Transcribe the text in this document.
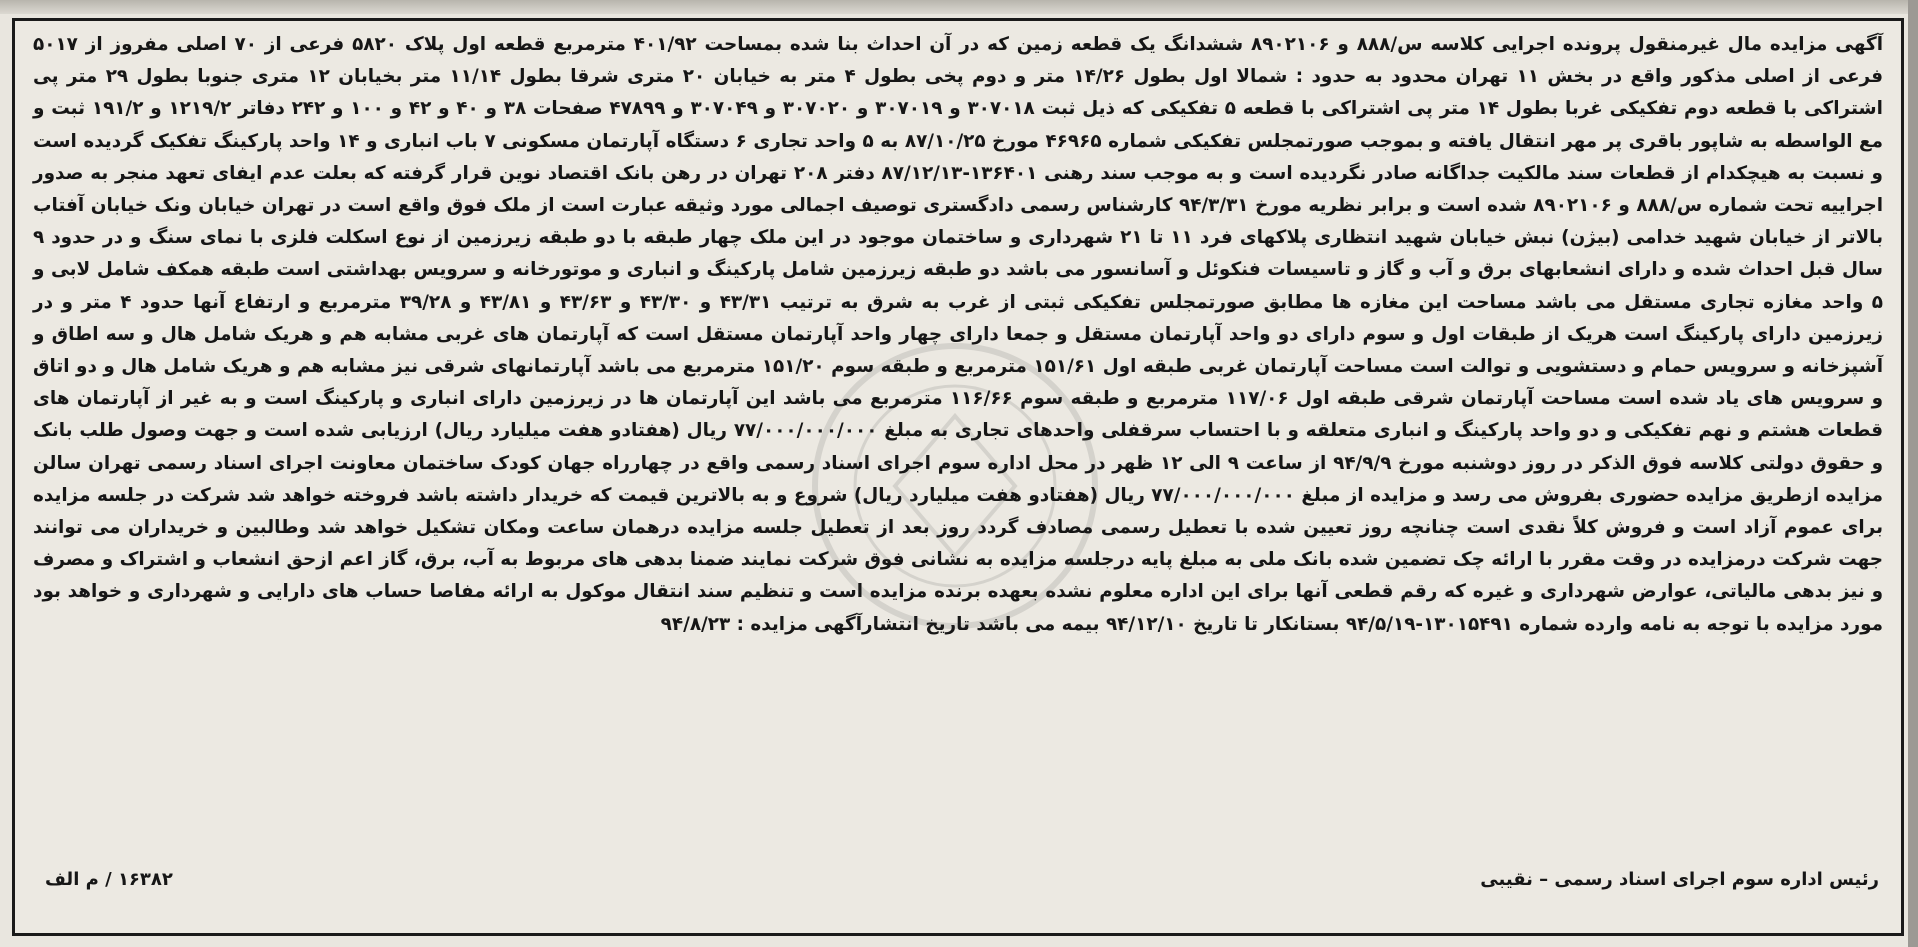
آگهی مزایده مال غیرمنقول پرونده اجرایی کلاسه س/۸۸۸ و ۸۹۰۲۱۰۶ ششدانگ یک قطعه زمین که در آن احداث بنا شده بمساحت ۴۰۱/۹۲ مترمربع قطعه اول پلاک ۵۸۲۰ فرعی از ۷۰ اصلی مفروز از ۵۰۱۷ فرعی از اصلی مذکور واقع در بخش ۱۱ تهران محدود به حدود : شمالا اول بطول ۱۴/۲۶ متر و دوم پخی بطول ۴ متر به خیابان ۲۰ متری شرقا بطول ۱۱/۱۴ متر بخیابان ۱۲ متری جنوبا بطول ۲۹ متر پی اشتراکی با قطعه دوم تفکیکی غربا بطول ۱۴ متر پی اشتراکی با قطعه ۵ تفکیکی که ذیل ثبت ۳۰۷۰۱۸ و ۳۰۷۰۱۹ و ۳۰۷۰۲۰ و ۳۰۷۰۴۹ و ۴۷۸۹۹ صفحات ۳۸ و ۴۰ و ۴۲ و ۱۰۰ و ۲۴۲ دفاتر ۱۲۱۹/۲ و ۱۹۱/۲ ثبت و مع الواسطه به شاپور باقری پر مهر انتقال یافته و بموجب صورتمجلس تفکیکی شماره ۴۶۹۶۵ مورخ ۸۷/۱۰/۲۵ به ۵ واحد تجاری ۶ دستگاه آپارتمان مسکونی ۷ باب انباری و ۱۴ واحد پارکینگ تفکیک گردیده است و نسبت به هیچکدام از قطعات سند مالکیت جداگانه صادر نگردیده است و به موجب سند رهنی ۱۳۶۴۰۱-۸۷/۱۲/۱۳ دفتر ۲۰۸ تهران در رهن بانک اقتصاد نوین قرار گرفته که بعلت عدم ایفای تعهد منجر به صدور اجراییه تحت شماره س/۸۸۸ و ۸۹۰۲۱۰۶ شده است و برابر نظریه مورخ ۹۴/۳/۳۱ کارشناس رسمی دادگستری توصیف اجمالی مورد وثیقه عبارت است از ملک فوق واقع است در تهران خیابان ونک خیابان آفتاب بالاتر از خیابان شهید خدامی (بیژن) نبش خیابان شهید انتظاری پلاکهای فرد ۱۱ تا ۲۱ شهرداری و ساختمان موجود در این ملک چهار طبقه با دو طبقه زیرزمین از نوع اسکلت فلزی با نمای سنگ و در حدود ۹ سال قبل احداث شده و دارای انشعابهای برق و آب و گاز و تاسیسات فنکوئل و آسانسور می باشد دو طبقه زیرزمین شامل پارکینگ و انباری و موتورخانه و سرویس بهداشتی است طبقه همکف شامل لابی و ۵ واحد مغازه تجاری مستقل می باشد مساحت این مغازه ها مطابق صورتمجلس تفکیکی ثبتی از غرب به شرق به ترتیب ۴۳/۳۱ و ۴۳/۳۰ و ۴۳/۶۳ و ۴۳/۸۱ و ۳۹/۲۸ مترمربع و ارتفاع آنها حدود ۴ متر و در زیرزمین دارای پارکینگ است هریک از طبقات اول و سوم دارای دو واحد آپارتمان مستقل و جمعا دارای چهار واحد آپارتمان مستقل است که آپارتمان های غربی مشابه هم و هریک شامل هال و سه اطاق و آشپزخانه و سرویس حمام و دستشویی و توالت است مساحت آپارتمان غربی طبقه اول ۱۵۱/۶۱ مترمربع و طبقه سوم ۱۵۱/۲۰ مترمربع می باشد آپارتمانهای شرقی نیز مشابه هم و هریک شامل هال و دو اتاق و سرویس های یاد شده است مساحت آپارتمان شرقی طبقه اول ۱۱۷/۰۶ مترمربع و طبقه سوم ۱۱۶/۶۶ مترمربع می باشد این آپارتمان ها در زیرزمین دارای انباری و پارکینگ است و به غیر از آپارتمان های قطعات هشتم و نهم تفکیکی و دو واحد پارکینگ و انباری متعلقه و با احتساب سرقفلی واحدهای تجاری به مبلغ ۷۷/۰۰۰/۰۰۰/۰۰۰ ریال (هفتادو هفت میلیارد ریال) ارزیابی شده است و جهت وصول طلب بانک و حقوق دولتی کلاسه فوق الذکر در روز دوشنبه مورخ ۹۴/۹/۹ از ساعت ۹ الی ۱۲ ظهر در محل اداره سوم اجرای اسناد رسمی واقع در چهارراه جهان کودک ساختمان معاونت اجرای اسناد رسمی تهران سالن مزایده ازطریق مزایده حضوری بفروش می رسد و مزایده از مبلغ ۷۷/۰۰۰/۰۰۰/۰۰۰ ریال (هفتادو هفت میلیارد ریال) شروع و به بالاترین قیمت که خریدار داشته باشد فروخته خواهد شد شرکت در جلسه مزایده برای عموم آزاد است و فروش کلاً نقدی است چنانچه روز تعیین شده با تعطیل رسمی مصادف گردد روز بعد از تعطیل جلسه مزایده درهمان ساعت ومکان تشکیل خواهد شد وطالبین و خریداران می توانند جهت شرکت درمزایده در وقت مقرر با ارائه چک تضمین شده بانک ملی به مبلغ پایه درجلسه مزایده به نشانی فوق شرکت نمایند ضمنا بدهی های مربوط به آب، برق، گاز اعم ازحق انشعاب و اشتراک و مصرف و نیز بدهی مالیاتی، عوارض شهرداری و غیره که رقم قطعی آنها برای این اداره معلوم نشده بعهده برنده مزایده است و تنظیم سند انتقال موکول به ارائه مفاصا حساب های دارایی و شهرداری و خواهد بود مورد مزایده با توجه به نامه وارده شماره ۱۳۰۱۵۴۹۱-۹۴/۵/۱۹ بستانکار تا تاریخ ۹۴/۱۲/۱۰ بیمه می باشد تاریخ انتشارآگهی مزایده : ۹۴/۸/۲۳

رئیس اداره سوم اجرای اسناد رسمی – نقیبی
۱۶۳۸۲ / م الف
